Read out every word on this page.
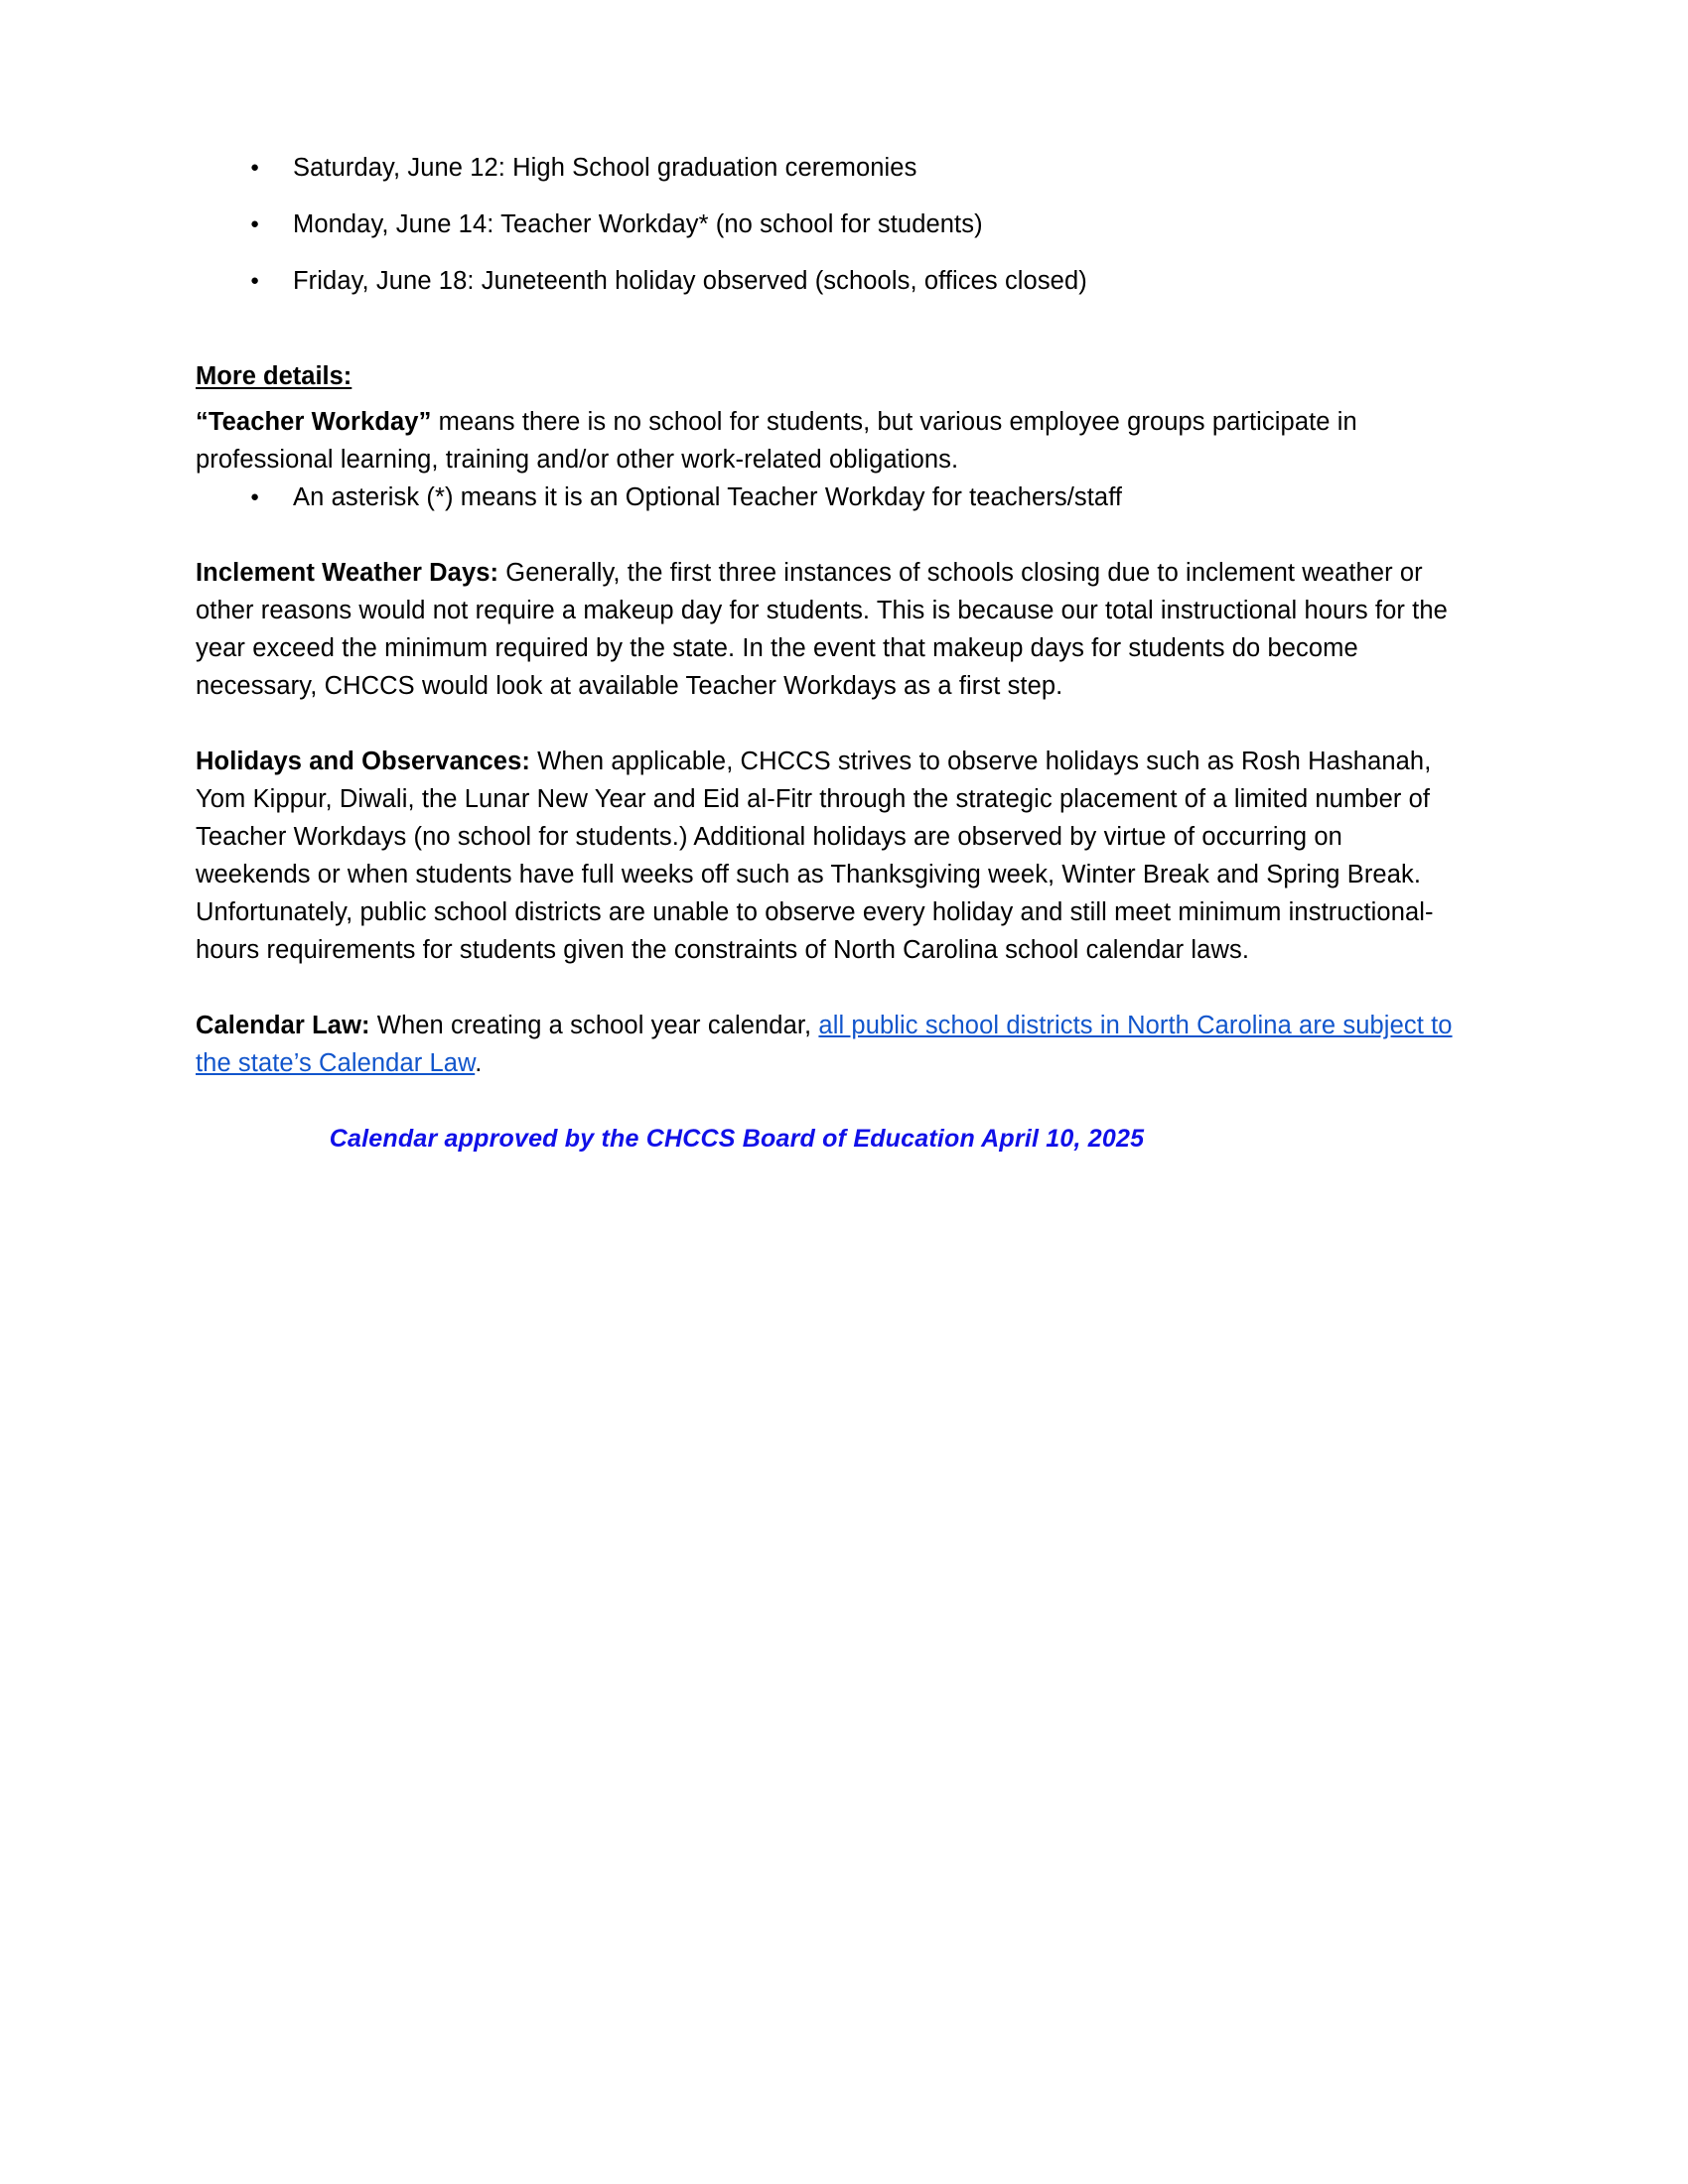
● Saturday, June 12: High School graduation ceremonies
● Monday, June 14: Teacher Workday* (no school for students)
● Friday, June 18: Juneteenth holiday observed (schools, offices closed)
More details:

“Teacher Workday” means there is no school for students, but various employee groups participate in professional learning, training and/or other work-related obligations.

● An asterisk (*) means it is an Optional Teacher Workday for teachers/staff

Inclement Weather Days: Generally, the first three instances of schools closing due to inclement weather or other reasons would not require a makeup day for students. This is because our total instructional hours for the year exceed the minimum required by the state. In the event that makeup days for students do become necessary, CHCCS would look at available Teacher Workdays as a first step.

Holidays and Observances: When applicable, CHCCS strives to observe holidays such as Rosh Hashanah, Yom Kippur, Diwali, the Lunar New Year and Eid al-Fitr through the strategic placement of a limited number of Teacher Workdays (no school for students.) Additional holidays are observed by virtue of occurring on weekends or when students have full weeks off such as Thanksgiving week, Winter Break and Spring Break. Unfortunately, public school districts are unable to observe every holiday and still meet minimum instructional-hours requirements for students given the constraints of North Carolina school calendar laws.

Calendar Law: When creating a school year calendar, all public school districts in North Carolina are subject to the state’s Calendar Law.

Calendar approved by the CHCCS Board of Education April 10, 2025
